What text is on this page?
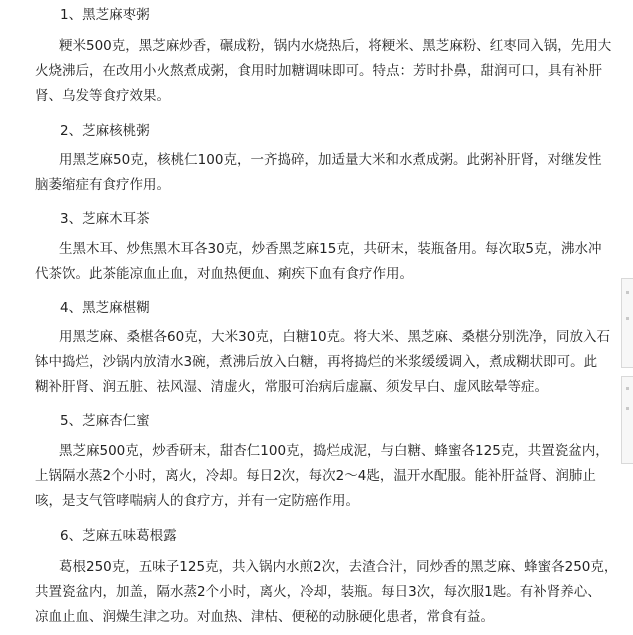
1、黑芝麻枣粥
粳米500克，黑芝麻炒香，碾成粉，锅内水烧热后，将粳米、黑芝麻粉、红枣同入锅，先用大
火烧沸后，在改用小火熬煮成粥，食用时加糖调味即可。特点：芳时扑鼻，甜润可口，具有补肝
肾、乌发等食疗效果。
2、芝麻核桃粥
用黑芝麻50克，核桃仁100克，一齐捣碎，加适量大米和水煮成粥。此粥补肝肾，对继发性
脑萎缩症有食疗作用。
3、芝麻木耳茶
生黑木耳、炒焦黑木耳各30克，炒香黑芝麻15克，共研末，装瓶备用。每次取5克，沸水冲
代茶饮。此茶能凉血止血，对血热便血、痢疾下血有食疗作用。
4、黑芝麻椹糊
用黑芝麻、桑椹各60克，大米30克，白糖10克。将大米、黑芝麻、桑椹分别洗净，同放入石
钵中捣烂，沙锅内放清水3碗，煮沸后放入白糖，再将捣烂的米浆缓缓调入，煮成糊状即可。此
糊补肝肾、润五脏、祛风湿、清虚火，常服可治病后虚羸、须发早白、虚风眩晕等症。
5、芝麻杏仁蜜
黑芝麻500克，炒香研末，甜杏仁100克，捣烂成泥，与白糖、蜂蜜各125克，共置瓷盆内，
上锅隔水蒸2个小时，离火，冷却。每日2次，每次2～4匙，温开水配服。能补肝益肾、润肺止
咳，是支气管哮喘病人的食疗方，并有一定防癌作用。
6、芝麻五味葛根露
葛根250克，五味子125克，共入锅内水煎2次，去渣合汁，同炒香的黑芝麻、蜂蜜各250克，
共置瓷盆内，加盖，隔水蒸2个小时，离火，冷却，装瓶。每日3次，每次服1匙。有补肾养心、
凉血止血、润燥生津之功。对血热、津枯、便秘的动脉硬化患者，常食有益。
